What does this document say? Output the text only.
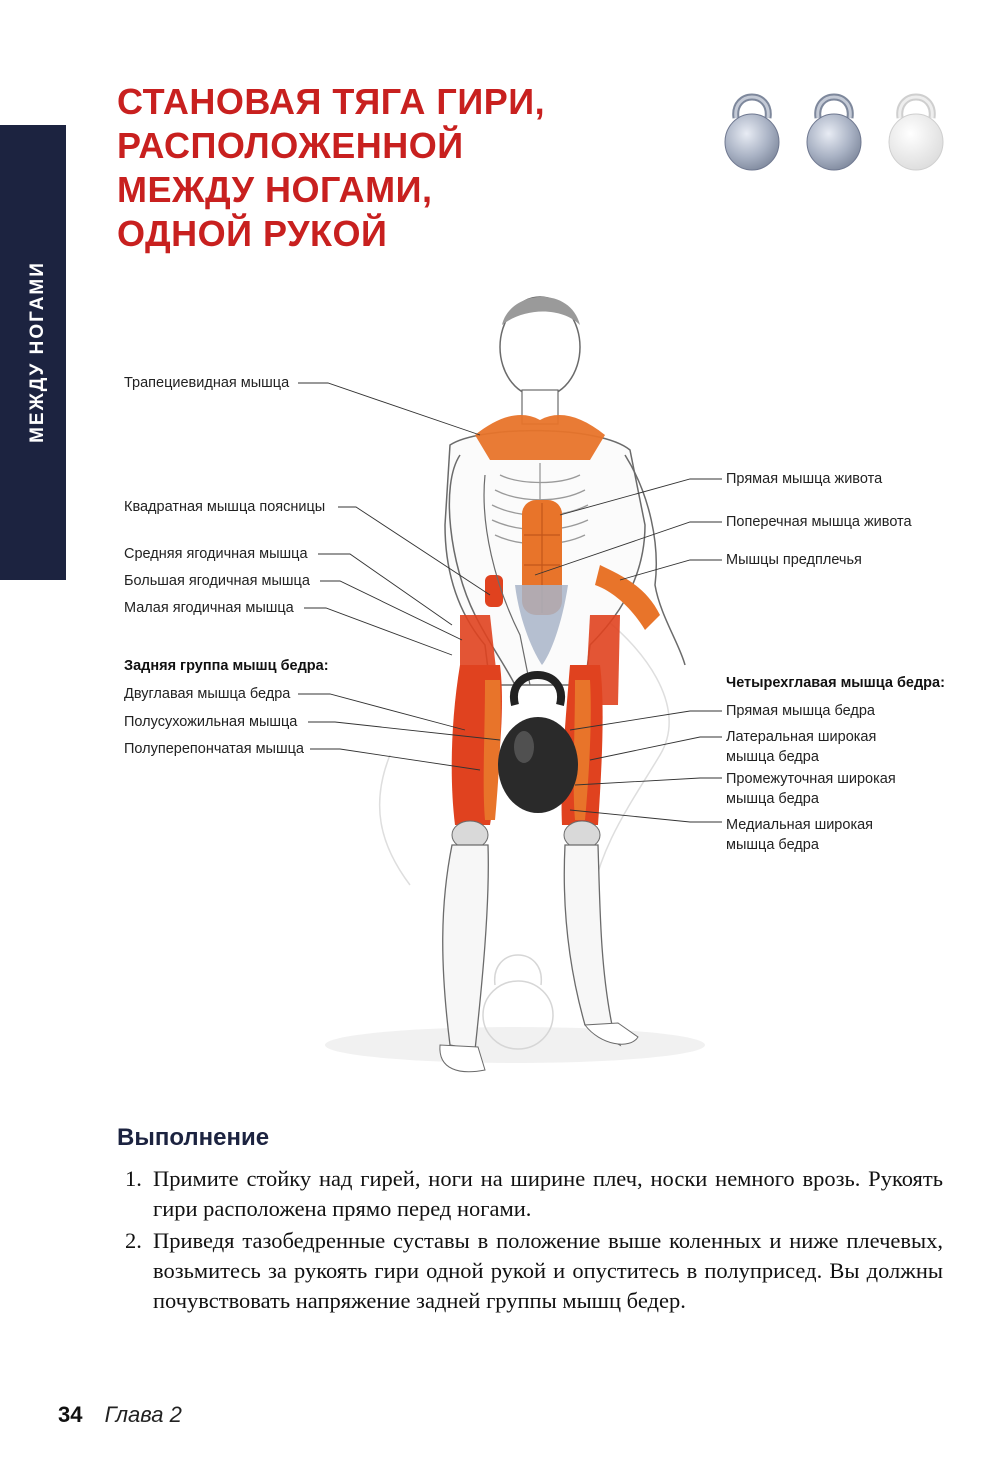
МЕЖДУ НОГАМИ
СТАНОВАЯ ТЯГА ГИРИ,
РАСПОЛОЖЕННОЙ
МЕЖДУ НОГАМИ,
ОДНОЙ РУКОЙ
Трапециевидная мышца
Квадратная мышца поясницы
Средняя ягодичная мышца
Большая ягодичная мышца
Малая ягодичная мышца
Задняя группа мышц бедра:
Двуглавая мышца бедра
Полусухожильная мышца
Полуперепончатая мышца
Прямая мышца живота
Поперечная мышца живота
Мышцы предплечья
Четырехглавая мышца бедра:
Прямая мышца бедра
Латеральная широкая
мышца бедра
Промежуточная широкая
мышца бедра
Медиальная широкая
мышца бедра
Выполнение
1. Примите стойку над гирей, ноги на ширине плеч, носки немного врозь. Рукоять гири расположена прямо перед ногами.
2. Приведя тазобедренные суставы в положение выше коленных и ниже плечевых, возьмитесь за рукоять гири одной рукой и опуститесь в полуприсед. Вы должны почувствовать напряжение задней группы мышц бедер.
34 Глава 2
